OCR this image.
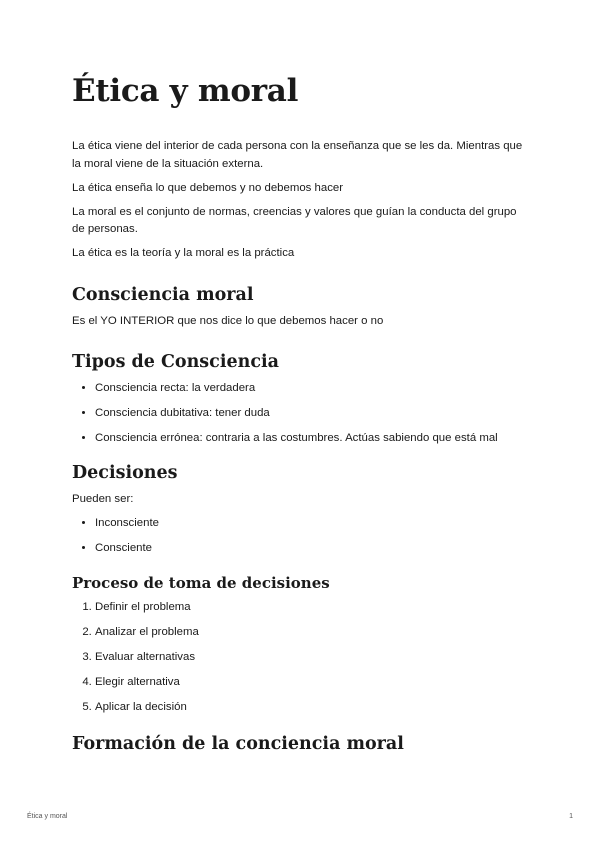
Ética y moral

La ética viene del interior de cada persona con la enseñanza que se les da. Mientras que la moral viene de la situación externa.

La ética enseña lo que debemos y no debemos hacer

La moral es el conjunto de normas, creencias y valores que guían la conducta del grupo de personas.

La ética es la teoría y la moral es la práctica

Consciencia moral

Es el YO INTERIOR que nos dice lo que debemos hacer o no

Tipos de Consciencia
• Consciencia recta: la verdadera
• Consciencia dubitativa: tener duda
• Consciencia errónea: contraria a las costumbres. Actúas sabiendo que está mal
Decisiones

Pueden ser:

• Inconsciente
• Consciente
Proceso de toma de decisiones
1. Definir el problema
2. Analizar el problema
3. Evaluar alternativas
4. Elegir alternativa
5. Aplicar la decisión
Formación de la conciencia moral
Ética y moral	1
